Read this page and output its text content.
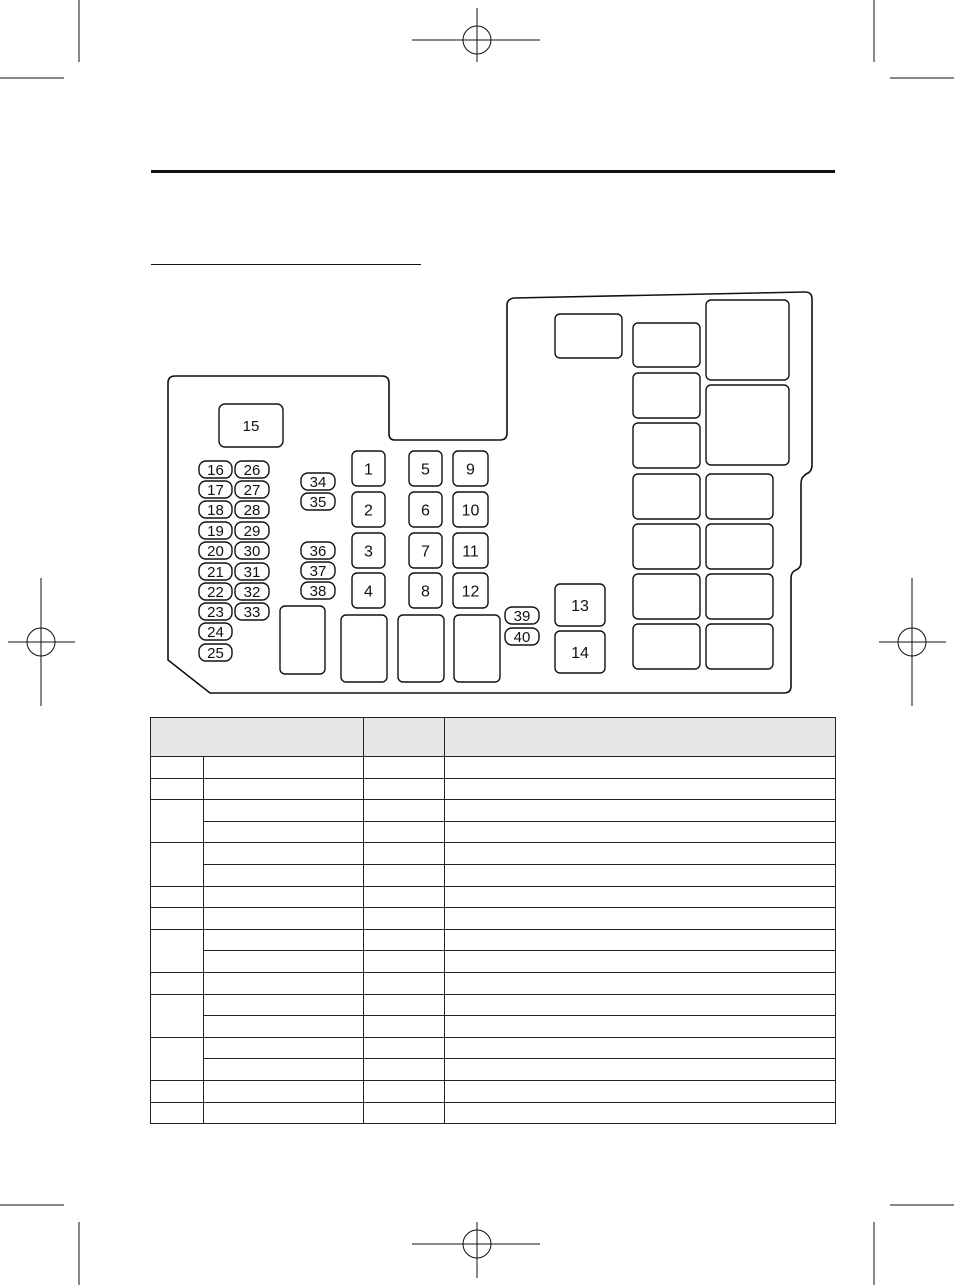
15
16
17
18
19
20
21
22
23
24
25
26
27
28
29
30
31
32
33
34
35
36
37
38
39
40
1
2
3
4
5
6
7
8
9
10
11
12
13
14
